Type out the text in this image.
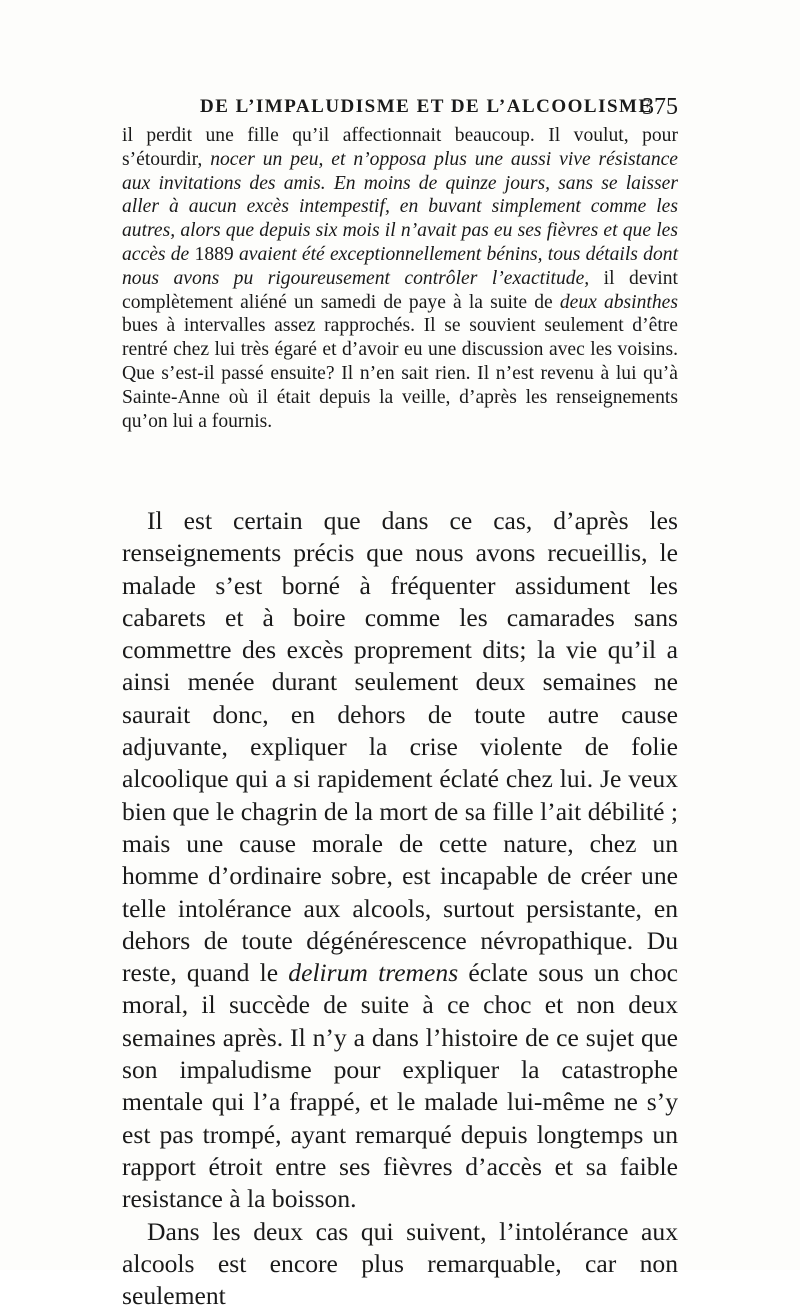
DE L’IMPALUDISME ET DE L’ALCOOLISME
375

il perdit une fille qu’il affectionnait beaucoup. Il voulut, pour s’étourdir, nocer un peu, et n’opposa plus une aussi vive résistance aux invitations des amis. En moins de quinze jours, sans se laisser aller à aucun excès intempestif, en buvant simplement comme les autres, alors que depuis six mois il n’avait pas eu ses fièvres et que les accès de 1889 avaient été exceptionnellement bénins, tous détails dont nous avons pu rigoureusement contrôler l’exactitude, il devint complètement aliéné un samedi de paye à la suite de deux absinthes bues à intervalles assez rapprochés. Il se souvient seulement d’être rentré chez lui très égaré et d’avoir eu une discussion avec les voisins. Que s’est-il passé ensuite? Il n’en sait rien. Il n’est revenu à lui qu’à Sainte-Anne où il était depuis la veille, d’après les renseignements qu’on lui a fournis.

Il est certain que dans ce cas, d’après les renseignements précis que nous avons recueillis, le malade s’est borné à fréquenter assidument les cabarets et à boire comme les camarades sans commettre des excès proprement dits; la vie qu’il a ainsi menée durant seulement deux semaines ne saurait donc, en dehors de toute autre cause adjuvante, expliquer la crise violente de folie alcoolique qui a si rapidement éclaté chez lui. Je veux bien que le chagrin de la mort de sa fille l’ait débilité ; mais une cause morale de cette nature, chez un homme d’ordinaire sobre, est incapable de créer une telle intolérance aux alcools, surtout persistante, en dehors de toute dégénérescence névropathique. Du reste, quand le delirum tremens éclate sous un choc moral, il succède de suite à ce choc et non deux semaines après. Il n’y a dans l’histoire de ce sujet que son impaludisme pour expliquer la catastrophe mentale qui l’a frappé, et le malade lui-même ne s’y est pas trompé, ayant remarqué depuis longtemps un rapport étroit entre ses fièvres d’accès et sa faible resistance à la boisson.

Dans les deux cas qui suivent, l’intolérance aux alcools est encore plus remarquable, car non seulement
